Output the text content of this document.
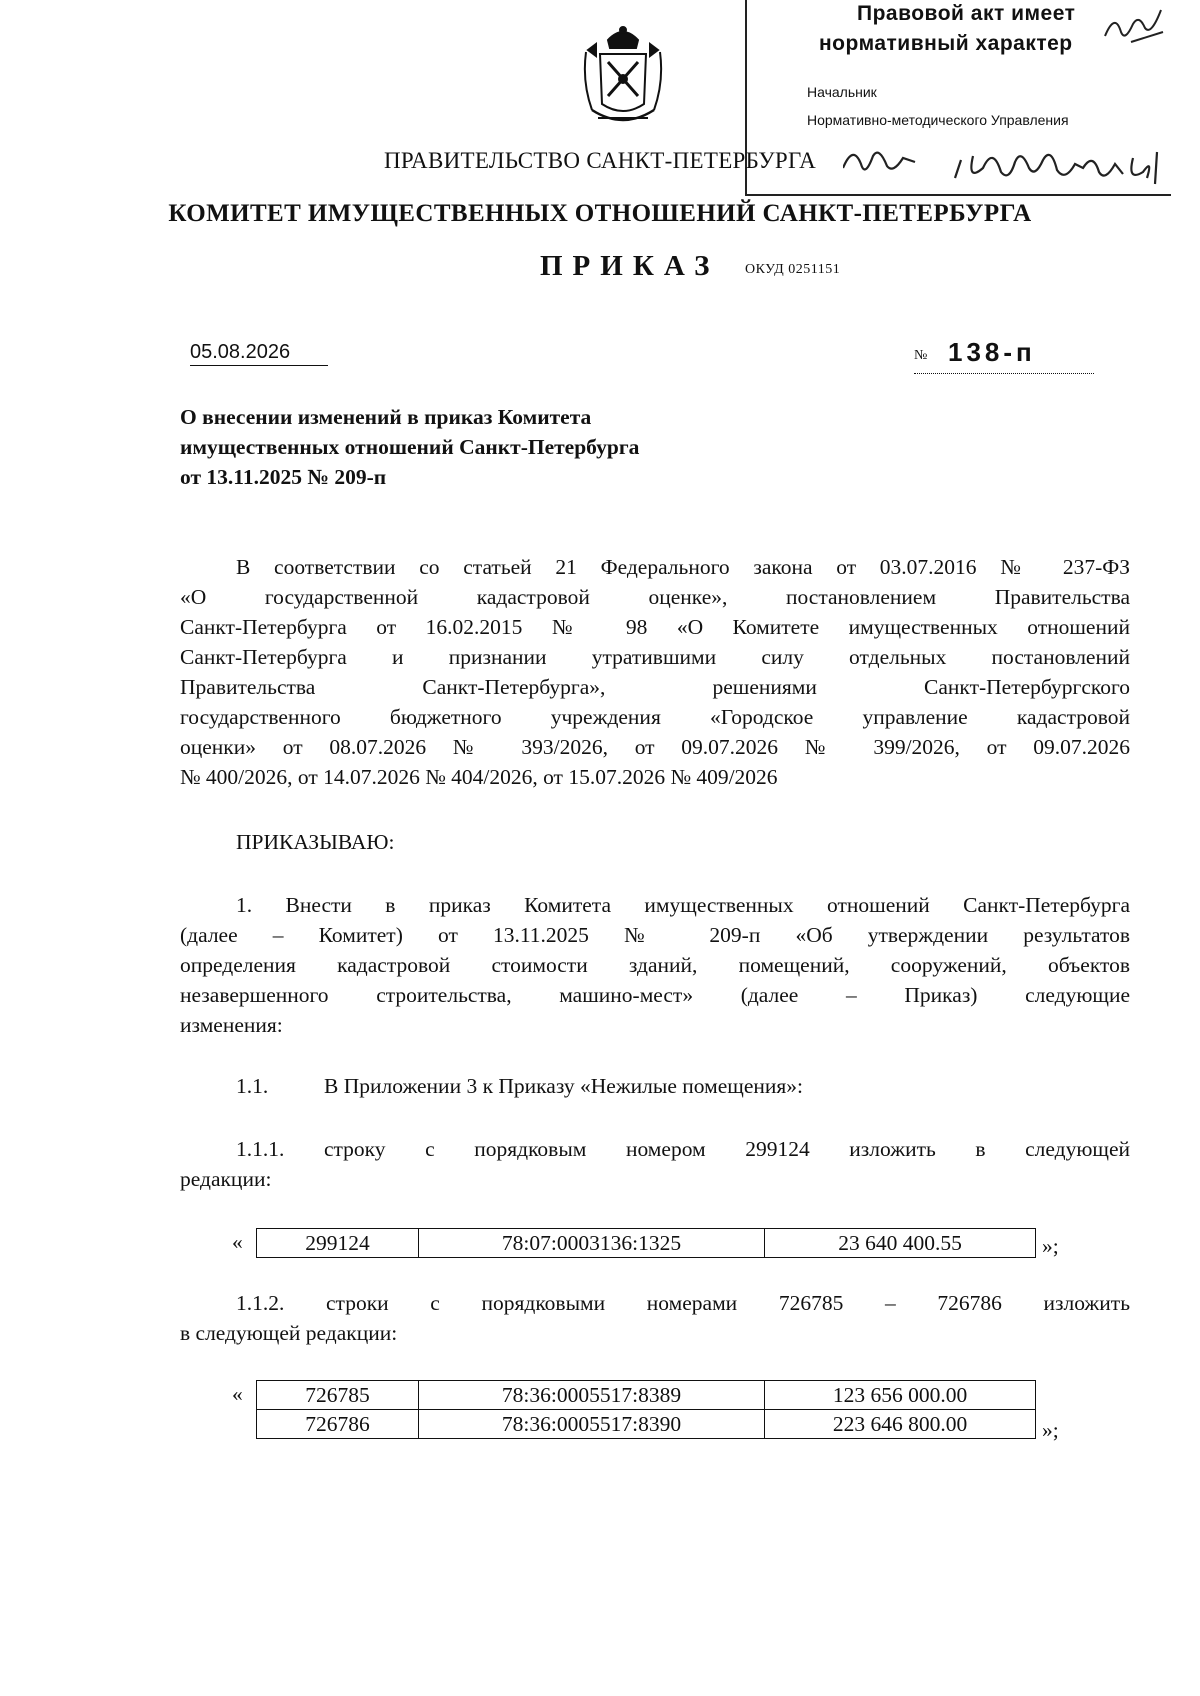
Правовой акт имеет
нормативный характер
Начальник
Нормативно-методического Управления
ПРАВИТЕЛЬСТВО САНКТ-ПЕТЕРБУРГА
КОМИТЕТ ИМУЩЕСТВЕННЫХ ОТНОШЕНИЙ САНКТ-ПЕТЕРБУРГА
ПРИКАЗ ОКУД 0251151
05.08.2026	№ 138-п
О внесении изменений в приказ Комитета
имущественных отношений Санкт-Петербурга
от 13.11.2025 № 209-п
В соответствии со статьей 21 Федерального закона от 03.07.2016 № 237-ФЗ
«О государственной кадастровой оценке», постановлением Правительства
Санкт-Петербурга от 16.02.2015 № 98 «О Комитете имущественных отношений
Санкт-Петербурга и признании утратившими силу отдельных постановлений
Правительства Санкт-Петербурга», решениями Санкт-Петербургского
государственного бюджетного учреждения «Городское управление кадастровой
оценки» от 08.07.2026 № 393/2026, от 09.07.2026 № 399/2026, от 09.07.2026
№ 400/2026, от 14.07.2026 № 404/2026, от 15.07.2026 № 409/2026
ПРИКАЗЫВАЮ:
1. Внести в приказ Комитета имущественных отношений Санкт-Петербурга
(далее – Комитет) от 13.11.2025 № 209-п «Об утверждении результатов
определения кадастровой стоимости зданий, помещений, сооружений, объектов
незавершенного строительства, машино-мест» (далее – Приказ) следующие
изменения:
1.1.	В Приложении 3 к Приказу «Нежилые помещения»:
1.1.1. строку с порядковым номером 299124 изложить в следующей
редакции:
«	299124	78:07:0003136:1325	23 640 400.55	»;
1.1.2. строки с порядковыми номерами 726785 – 726786 изложить
в следующей редакции:
«	726785	78:36:0005517:8389	123 656 000.00
726786	78:36:0005517:8390	223 646 800.00	»;
